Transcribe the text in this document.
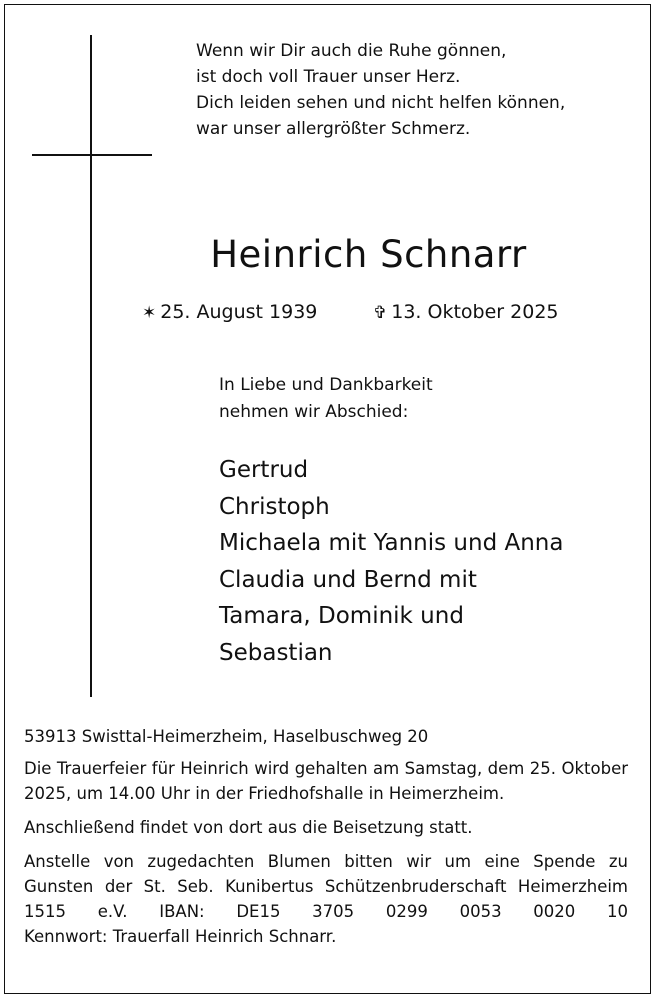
Wenn wir Dir auch die Ruhe gönnen,
ist doch voll Trauer unser Herz.
Dich leiden sehen und nicht helfen können,
war unser allergrößter Schmerz.
Heinrich Schnarr
✶ 25. August 1939	✞ 13. Oktober 2025
In Liebe und Dankbarkeit
nehmen wir Abschied:
Gertrud
Christoph
Michaela mit Yannis und Anna
Claudia und Bernd mit
Tamara, Dominik und
Sebastian
53913 Swisttal-Heimerzheim, Haselbuschweg 20
Die Trauerfeier für Heinrich wird gehalten am Samstag, dem 25. Oktober 2025, um 14.00 Uhr in der Friedhofshalle in Heimerzheim.
Anschließend findet von dort aus die Beisetzung statt.
Anstelle von zugedachten Blumen bitten wir um eine Spende zu Gunsten der St. Seb. Kunibertus Schützenbruderschaft Heimerzheim 1515 e.V. IBAN: DE15 3705 0299 0053 0020 10
Kennwort: Trauerfall Heinrich Schnarr.
